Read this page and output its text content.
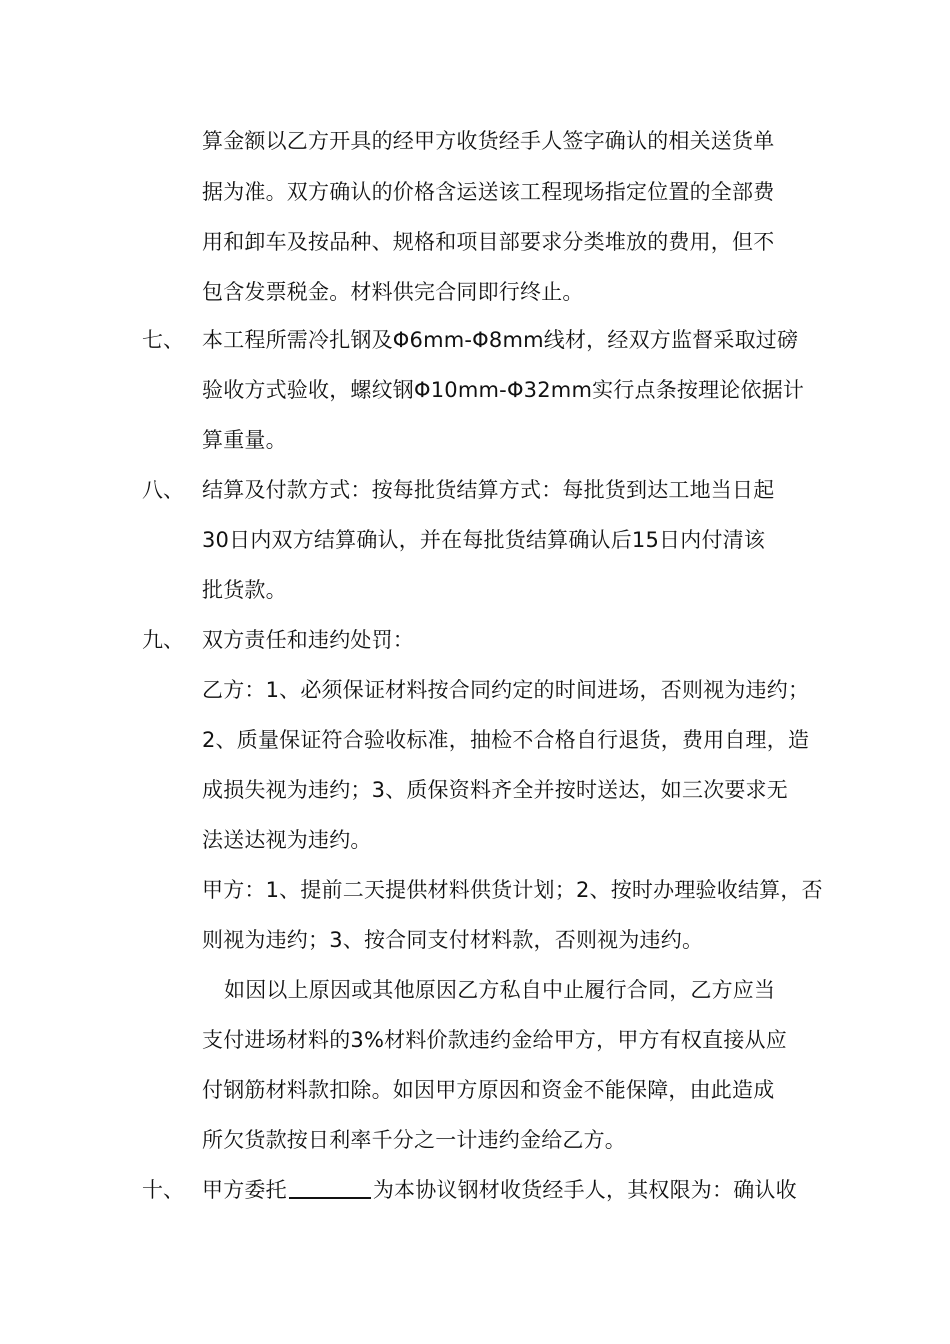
算金额以乙方开具的经甲方收货经手人签字确认的相关送货单
据为准。双方确认的价格含运送该工程现场指定位置的全部费
用和卸车及按品种、规格和项目部要求分类堆放的费用，但不
包含发票税金。材料供完合同即行终止。
七、 本工程所需冷扎钢及Φ6mm-Φ8mm线材，经双方监督采取过磅
验收方式验收，螺纹钢Φ10mm-Φ32mm实行点条按理论依据计
算重量。
八、 结算及付款方式：按每批货结算方式：每批货到达工地当日起
30日内双方结算确认，并在每批货结算确认后15日内付清该
批货款。
九、 双方责任和违约处罚：
乙方：1、必须保证材料按合同约定的时间进场，否则视为违约；
2、质量保证符合验收标准，抽检不合格自行退货，费用自理，造
成损失视为违约；3、质保资料齐全并按时送达，如三次要求无
法送达视为违约。
甲方：1、提前二天提供材料供货计划；2、按时办理验收结算，否
则视为违约；3、按合同支付材料款，否则视为违约。
如因以上原因或其他原因乙方私自中止履行合同，乙方应当
支付进场材料的3%材料价款违约金给甲方，甲方有权直接从应
付钢筋材料款扣除。如因甲方原因和资金不能保障，由此造成
所欠货款按日利率千分之一计违约金给乙方。
十、 甲方委托	为本协议钢材收货经手人，其权限为：确认收
